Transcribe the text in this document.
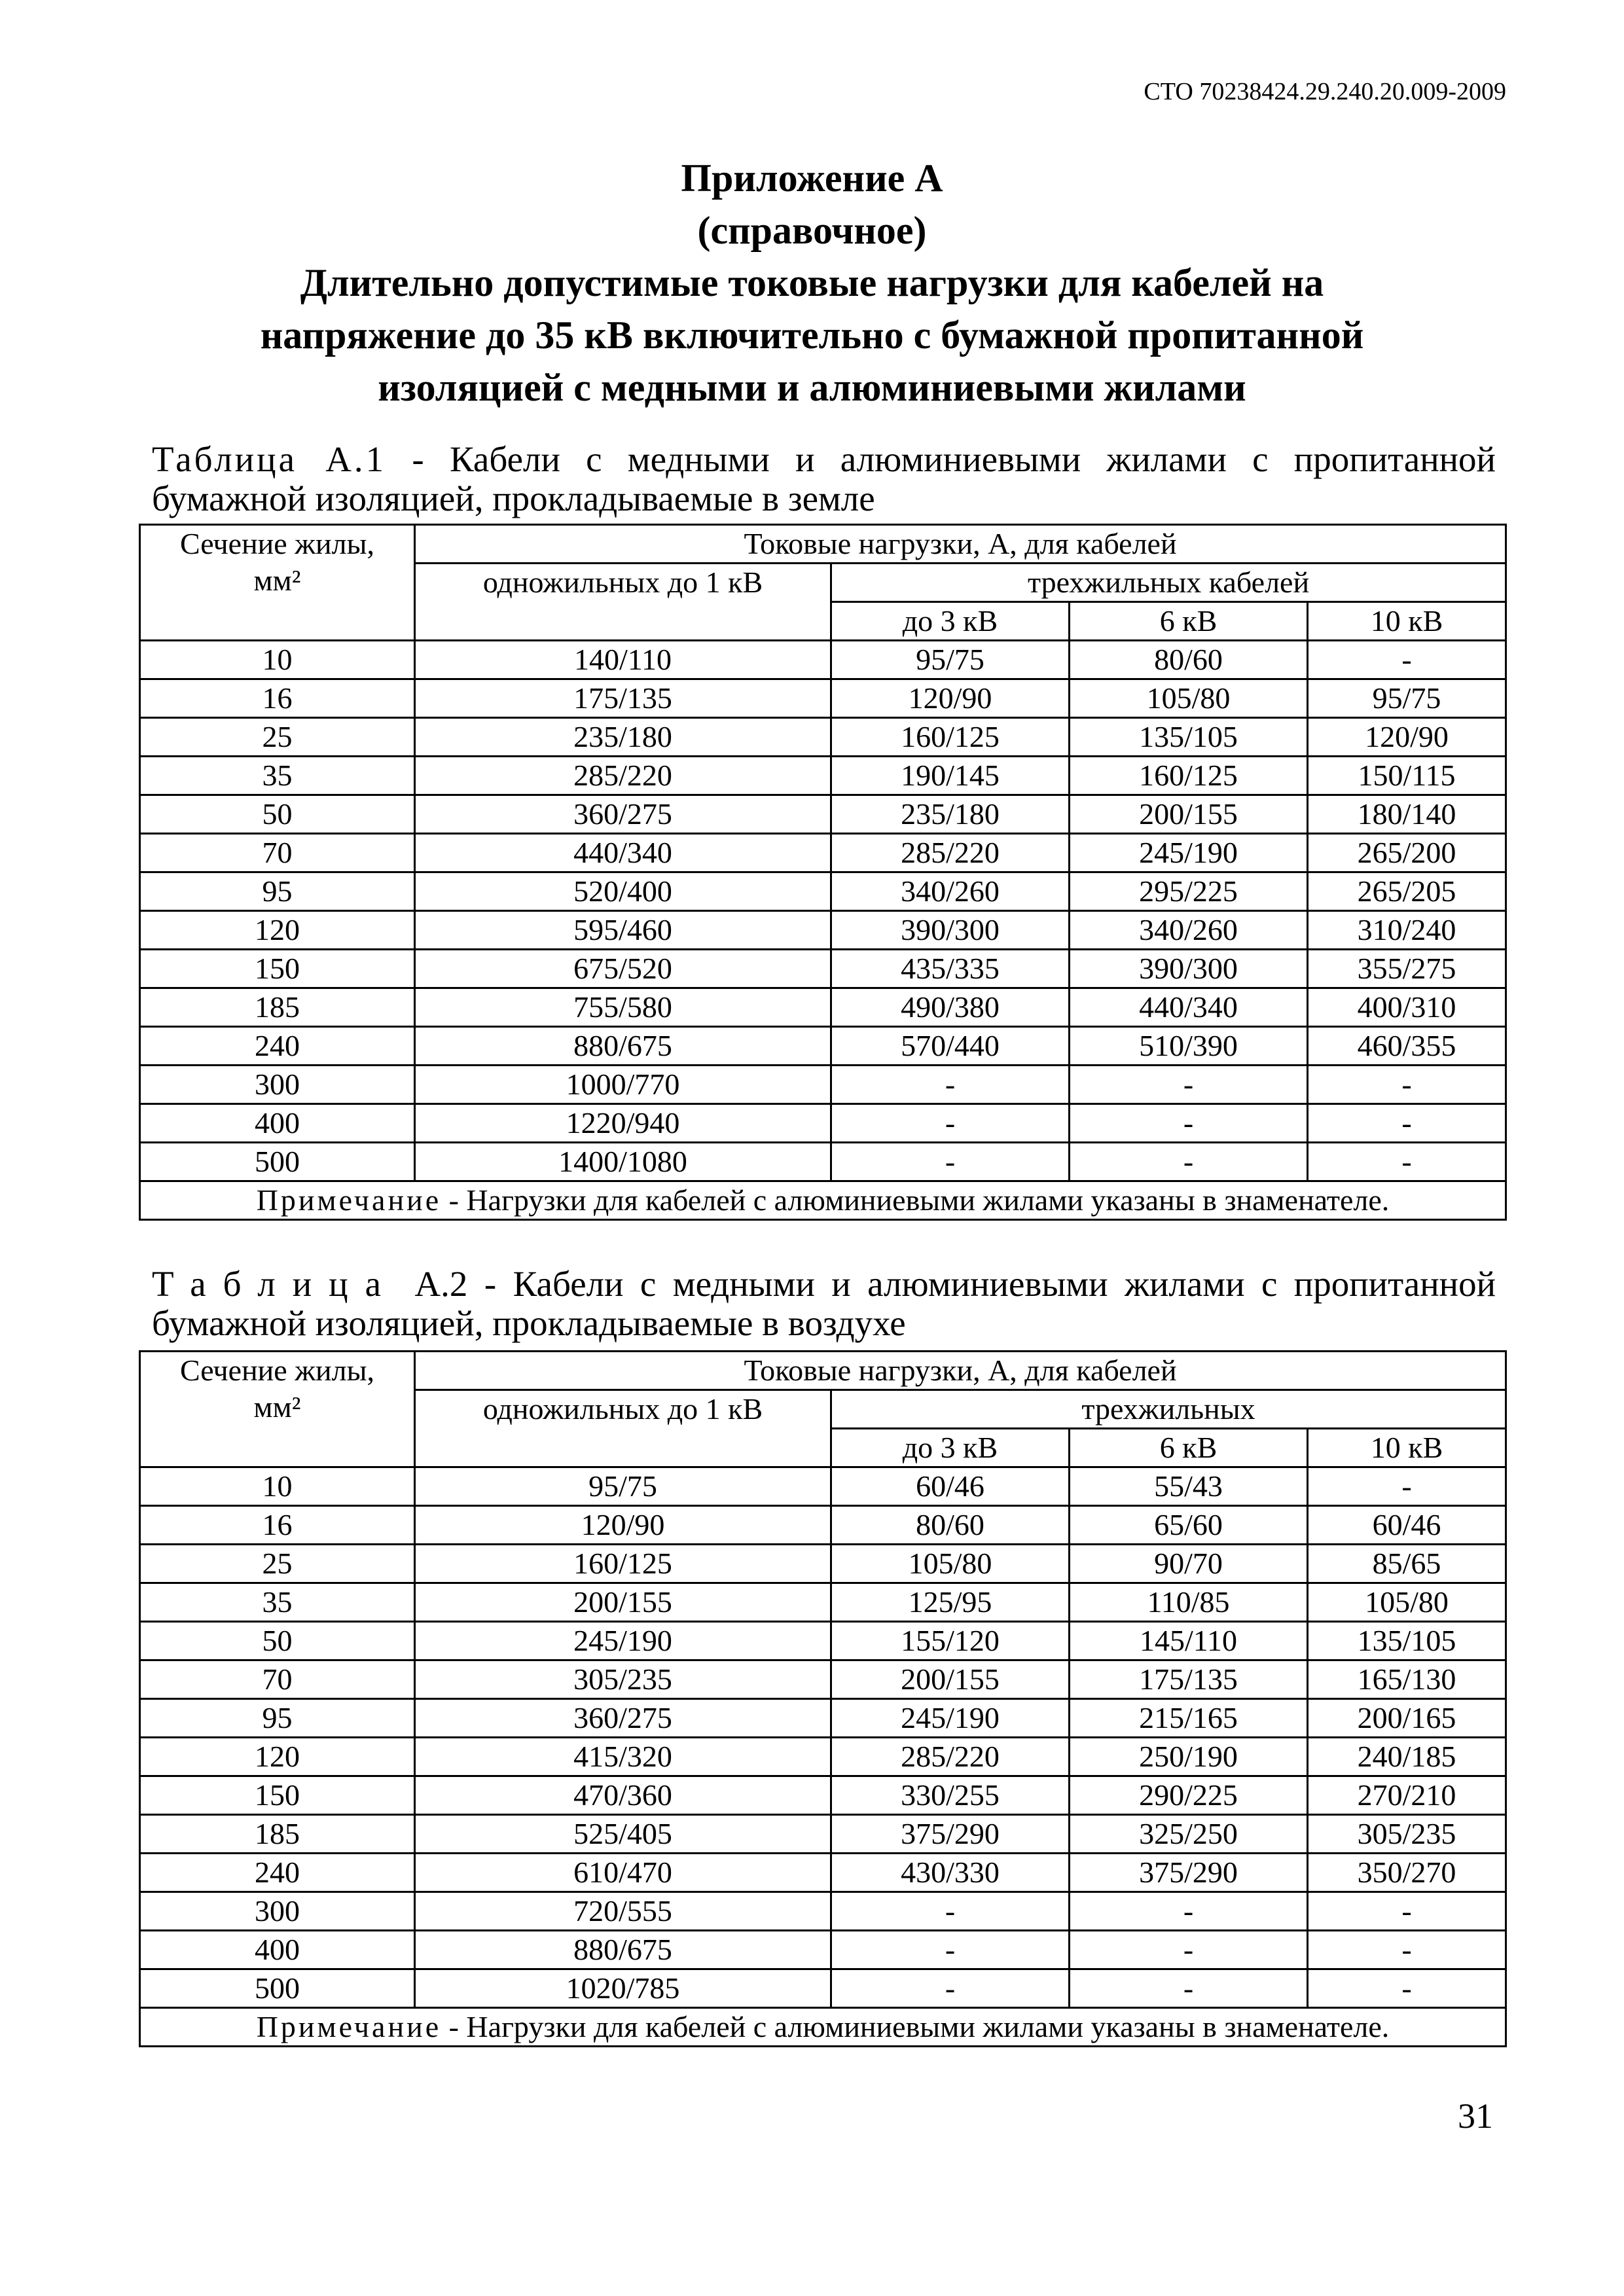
СТО 70238424.29.240.20.009-2009

Приложение А
(справочное)
Длительно допустимые токовые нагрузки для кабелей на
напряжение до 35 кВ включительно с бумажной пропитанной
изоляцией с медными и алюминиевыми жилами

Таблица А.1 - Кабели с медными и алюминиевыми жилами с пропитанной
бумажной изоляцией, прокладываемые в земле

Сечение жилы,
мм²	Токовые нагрузки, А, для кабелей			
	одножильных до 1 кВ	трехжильных кабелей		
		до 3 кВ	6 кВ	10 кВ
10	140/110	95/75	80/60	-
16	175/135	120/90	105/80	95/75
25	235/180	160/125	135/105	120/90
35	285/220	190/145	160/125	150/115
50	360/275	235/180	200/155	180/140
70	440/340	285/220	245/190	265/200
95	520/400	340/260	295/225	265/205
120	595/460	390/300	340/260	310/240
150	675/520	435/335	390/300	355/275
185	755/580	490/380	440/340	400/310
240	880/675	570/440	510/390	460/355
300	1000/770	-	-	-
400	1220/940	-	-	-
500	1400/1080	-	-	-
Примечание - Нагрузки для кабелей с алюминиевыми жилами указаны в знаменателе.				

Таблица А.2 - Кабели с медными и алюминиевыми жилами с пропитанной
бумажной изоляцией, прокладываемые в воздухе

Сечение жилы,
мм²	Токовые нагрузки, А, для кабелей			
	одножильных до 1 кВ	трехжильных		
		до 3 кВ	6 кВ	10 кВ
10	95/75	60/46	55/43	-
16	120/90	80/60	65/60	60/46
25	160/125	105/80	90/70	85/65
35	200/155	125/95	110/85	105/80
50	245/190	155/120	145/110	135/105
70	305/235	200/155	175/135	165/130
95	360/275	245/190	215/165	200/165
120	415/320	285/220	250/190	240/185
150	470/360	330/255	290/225	270/210
185	525/405	375/290	325/250	305/235
240	610/470	430/330	375/290	350/270
300	720/555	-	-	-
400	880/675	-	-	-
500	1020/785	-	-	-
Примечание - Нагрузки для кабелей с алюминиевыми жилами указаны в знаменателе.				

31
